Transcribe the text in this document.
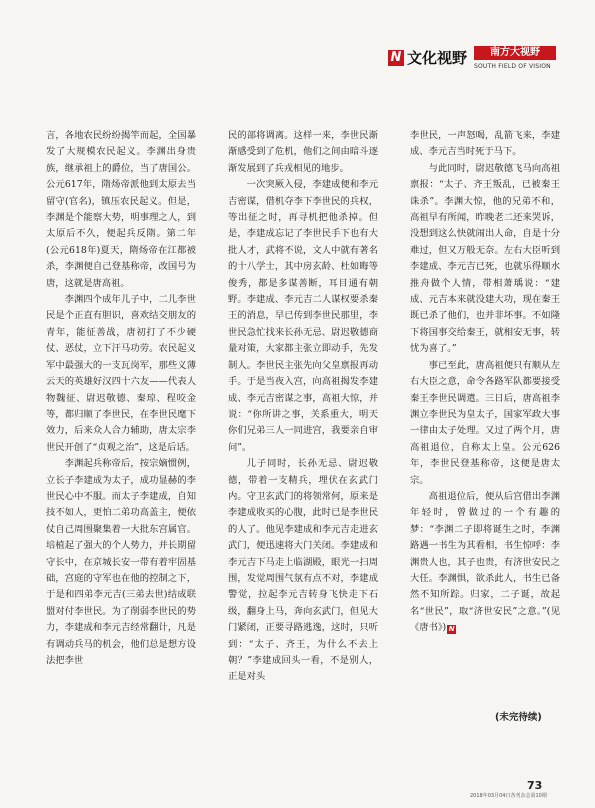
N 文化视野	南方大视野
SOUTH FIELD OF VISION

言，各地农民纷纷揭竿而起，全国暴发了大规模农民起义。李渊出身贵族，继承祖上的爵位，当了唐国公。公元617年，隋炀帝派他到太原去当留守(官名)，镇压农民起义。但是，李渊是个能察大势，明事理之人，到太原后不久，便起兵反隋。第二年(公元618年)夏天，隋炀帝在江都被杀，李渊便自己登基称帝，改国号为唐，这就是唐高祖。

李渊四个成年儿子中，二儿李世民是个正直有胆识，喜欢结交朋友的青年，能征善战，唐初打了不少硬仗、恶仗，立下汗马功劳。农民起义军中最强大的一支瓦岗军，那些义薄云天的英雄好汉四十六友——代表人物魏征、尉迟敬德、秦琼、程咬金等，都归顺了李世民，在李世民麾下效力，后来众人合力辅助，唐太宗李世民开创了“贞观之治”，这是后话。

李渊起兵称帝后，按宗嫡惯例，立长子李建成为太子，成功显赫的李世民心中不服。而太子李建成，自知技不如人，更怕二弟功高盖主，便依仗自己周围聚集着一大批东宫属官。培植起了强大的个人势力，并长期留守长中，在京城长安一带有着牢固基础，宫庭的守军也在他的控制之下，于是和四弟李元吉(三弟去世)结成联盟对付李世民。为了削弱李世民的势力，李建成和李元吉经常翻计，凡是有调动兵马的机会，他们总是想方设法把李世

民的部将调离。这样一来，李世民渐渐感受到了危机，他们之间由暗斗逐渐发展到了兵戎相见的地步。

一次突厥入侵，李建成便和李元吉密谋，借机夺李下李世民的兵权，等出征之时，再寻机把他杀掉。但是，李建成忘记了李世民手下也有大批人才，武将不说，文人中就有著名的十八学士，其中房玄龄、杜如晦等俊秀，都是多谋善断，耳目通有朝野。李建成、李元吉二人谋权要杀秦王的消息，早已传到李世民那里，李世民急忙找来长孙无忌、尉迟敬德商量对策，大家都主张立即动手，先发制人。李世民主张先向父皇禀报再动手。于是当夜入宫，向高祖揭发李建成、李元吉密谋之事，高祖大惊，并说：“你所讲之事，关系重大，明天你们兄弟三人一同进宫，我要亲自审问”。

儿子同时，长孙无忌、尉迟敬德，带着一支精兵，埋伏在玄武门内。守卫玄武门的将领常何，原来是李建成收买的心腹，此时已是李世民的人了。他见李建成和李元吉走进玄武门，便迅速将大门关闭。李建成和李元吉下马走上临湖殿，眼光一扫周围，发觉周围气氛有点不对，李建成警觉，拉起李元吉转身飞快走下石级，翻身上马，奔向玄武门，但见大门紧闭，正要寻路逃逸，这时，只听到：“太子、齐王，为什么不去上朝？”李建成回头一看，不是别人，正是对头

李世民，一声怒喝，乱箭飞来，李建成、李元吉当时死于马下。

与此同时，尉迟敬德飞马向高祖禀报：“太子、齐王叛乱，已被秦王诛杀”。李渊大惊，他的兄弟不和，高祖早有所闻，昨晚老二还来哭诉，没想到这么快就闹出人命，自是十分难过，但又万般无奈。左右大臣听到李建成、李元吉已死，也就乐得顺水推舟做个人情，带相萧瑀说：“建成、元吉本来就没建大功，现在秦王既已杀了他们，也并非坏事。不如隆下将国事交给秦王，就相安无事，转忧为喜了。”

事已至此，唐高祖便只有顺从左右大臣之意，命令各路军队都要接受秦王李世民调遣。三日后，唐高祖李渊立李世民为皇太子，国家军政大事一律由太子处理。又过了两个月，唐高祖退位，自称太上皇。公元626年，李世民登基称帝，这便是唐太宗。

高祖退位后，便从后宫借出李渊年轻时，曾做过的一个有趣的梦：“李渊二子即将诞生之时，李渊路遇一书生为其看相，书生惊呼：李渊贵人也，其子也贵，有济世安民之大任。李渊惧，欲杀此人，书生已备然不知所踪。归家，二子诞，故起名“世民”，取“济世安民”之意。”(见《唐书》) N

(未完待续)
73
2018年03月04日各刊杂志第10期
